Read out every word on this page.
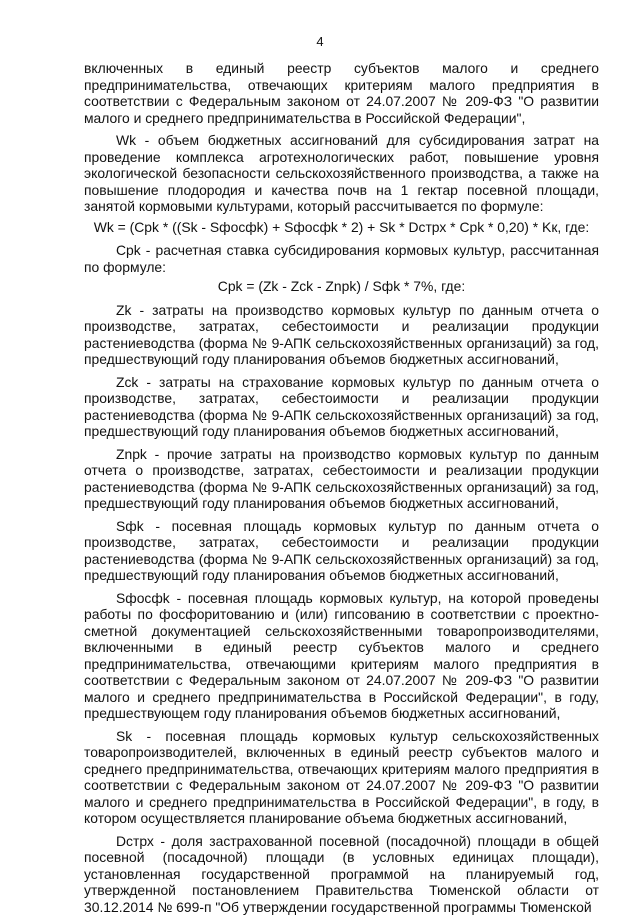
4

включенных в единый реестр субъектов малого и среднего предпринимательства, отвечающих критериям малого предприятия в соответствии с Федеральным законом от 24.07.2007 № 209-ФЗ "О развитии малого и среднего предпринимательства в Российской Федерации",

Wk - объем бюджетных ассигнований для субсидирования затрат на проведение комплекса агротехнологических работ, повышение уровня экологической безопасности сельскохозяйственного производства, а также на повышение плодородия и качества почв на 1 гектар посевной площади, занятой кормовыми культурами, который рассчитывается по формуле:

Wk = (Cpk * ((Sk - Sфосфk) + Sфосфk * 2) + Sk * Dстрх * Cpk * 0,20) * Kк, где:

Cpk - расчетная ставка субсидирования кормовых культур, рассчитанная по формуле:

Cpk = (Zk - Zck - Znpk) / Sфk * 7%, где:

Zk - затраты на производство кормовых культур по данным отчета о производстве, затратах, себестоимости и реализации продукции растениеводства (форма № 9-АПК сельскохозяйственных организаций) за год, предшествующий году планирования объемов бюджетных ассигнований,

Zck - затраты на страхование кормовых культур по данным отчета о производстве, затратах, себестоимости и реализации продукции растениеводства (форма № 9-АПК сельскохозяйственных организаций) за год, предшествующий году планирования объемов бюджетных ассигнований,

Znpk - прочие затраты на производство кормовых культур по данным отчета о производстве, затратах, себестоимости и реализации продукции растениеводства (форма № 9-АПК сельскохозяйственных организаций) за год, предшествующий году планирования объемов бюджетных ассигнований,

Sфk - посевная площадь кормовых культур по данным отчета о производстве, затратах, себестоимости и реализации продукции растениеводства (форма № 9-АПК сельскохозяйственных организаций) за год, предшествующий году планирования объемов бюджетных ассигнований,

Sфосфk - посевная площадь кормовых культур, на которой проведены работы по фосфоритованию и (или) гипсованию в соответствии с проектно-сметной документацией сельскохозяйственными товаропроизводителями, включенными в единый реестр субъектов малого и среднего предпринимательства, отвечающими критериям малого предприятия в соответствии с Федеральным законом от 24.07.2007 № 209-ФЗ "О развитии малого и среднего предпринимательства в Российской Федерации", в году, предшествующем году планирования объемов бюджетных ассигнований,

Sk - посевная площадь кормовых культур сельскохозяйственных товаропроизводителей, включенных в единый реестр субъектов малого и среднего предпринимательства, отвечающих критериям малого предприятия в соответствии с Федеральным законом от 24.07.2007 № 209-ФЗ "О развитии малого и среднего предпринимательства в Российской Федерации", в году, в котором осуществляется планирование объема бюджетных ассигнований,

Dстрх - доля застрахованной посевной (посадочной) площади в общей посевной (посадочной) площади (в условных единицах площади), установленная государственной программой на планируемый год, утвержденной постановлением Правительства Тюменской области от 30.12.2014 № 699-п "Об утверждении государственной программы Тюменской
